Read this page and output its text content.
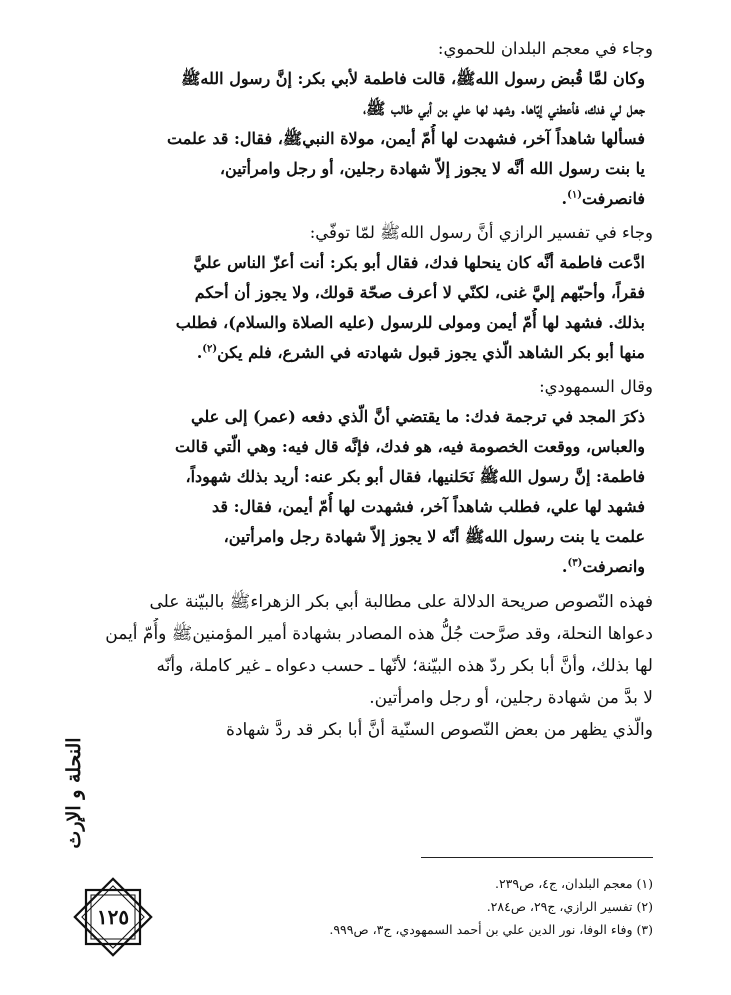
وجاء في معجم البلدان للحموي:

وكان لمَّا قُبض رسول اللهﷺ، قالت فاطمة لأبي بكر: إنَّ رسول اللهﷺ

جعل لي فدك، فأعطني إيّاها. وشهد لها علي بن أبي طالب ﷺ،

فسألها شاهداً آخر، فشهدت لها أُمّ أيمن، مولاة النبيﷺ، فقال: قد علمت

يا بنت رسول الله أنَّه لا يجوز إلاّ شهادة رجلين، أو رجل وامرأتين،

فانصرفت$^{(١)}$.

وجاء في تفسير الرازي أنَّ رسول اللهﷺ لمّا توفّي:

ادَّعت فاطمة أنَّه كان ينحلها فدك، فقال أبو بكر: أنت أعزّ الناس عليَّ

فقراً، وأحبّهم إليَّ غنى، لكنّي لا أعرف صحّة قولك، ولا يجوز أن أحكم

بذلك. فشهد لها أُمّ أيمن ومولى للرسول (عليه الصلاة والسلام)، فطلب

منها أبو بكر الشاهد الّذي يجوز قبول شهادته في الشرع، فلم يكن$^{(٢)}$.

وقال السمهودي:

ذكرَ المجد في ترجمة فدك: ما يقتضي أنَّ الّذي دفعه (عمر) إلى علي

والعباس، ووقعت الخصومة فيه، هو فدك، فإنَّه قال فيه: وهي الّتي قالت

فاطمة: إنَّ رسول اللهﷺ نَحَلنيها، فقال أبو بكر عنه: أريد بذلك شهوداً،

فشهد لها علي، فطلب شاهداً آخر، فشهدت لها أُمّ أيمن، فقال: قد

علمت يا بنت رسول اللهﷺ أنّه لا يجوز إلاّ شهادة رجل وامرأتين،

وانصرفت$^{(٣)}$.

فهذه النّصوص صريحة الدلالة على مطالبة أبي بكر الزهراءﷺ بالبيّنة على

دعواها النحلة، وقد صرَّحت جُلُّ هذه المصادر بشهادة أمير المؤمنينﷺ وأُمّ أيمن

لها بذلك، وأنَّ أبا بكر ردّ هذه البيّنة؛ لأنّها ـ حسب دعواه ـ غير كاملة، وأنّه

لا بدَّ من شهادة رجلين، أو رجل وامرأتين.

والّذي يظهر من بعض النّصوص السنّية أنَّ أبا بكر قد ردَّ شهادة

(١) معجم البلدان، ج٤، ص٢٣٩.

(٢) تفسير الرازي، ج٢٩، ص٢٨٤.

(٣) وفاء الوفا، نور الدين علي بن أحمد السمهودي، ج٣، ص٩٩٩.

النحلة و الإرث
١٢٥
